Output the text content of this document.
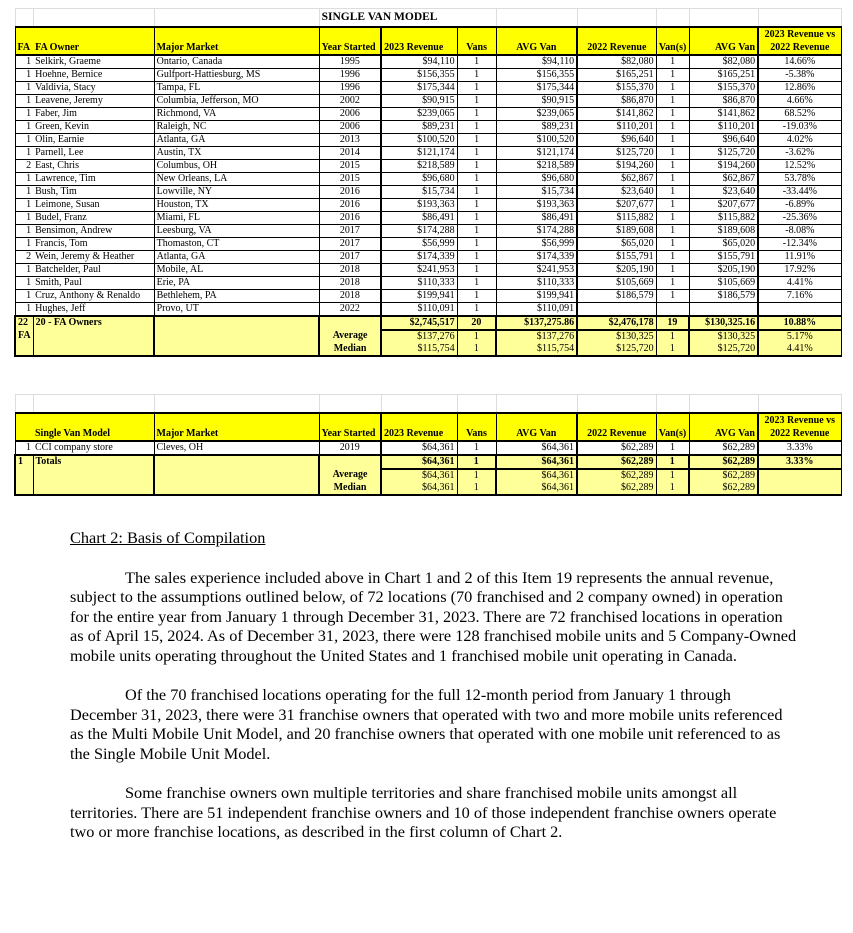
			SINGLE VAN MODEL							
FA	FA Owner	Major Market	Year Started	2023 Revenue	Vans	AVG Van	2022 Revenue	Van(s)	AVG Van	2023 Revenue vs 2022 Revenue
1	Selkirk, Graeme	Ontario, Canada	1995	$94,110	1	$94,110	$82,080	1	$82,080	14.66%
1	Hoehne, Bernice	Gulfport-Hattiesburg, MS	1996	$156,355	1	$156,355	$165,251	1	$165,251	-5.38%
1	Valdivia, Stacy	Tampa, FL	1996	$175,344	1	$175,344	$155,370	1	$155,370	12.86%
1	Leavene, Jeremy	Columbia, Jefferson, MO	2002	$90,915	1	$90,915	$86,870	1	$86,870	4.66%
1	Faber, Jim	Richmond, VA	2006	$239,065	1	$239,065	$141,862	1	$141,862	68.52%
1	Green, Kevin	Raleigh, NC	2006	$89,231	1	$89,231	$110,201	1	$110,201	-19.03%
1	Olin, Earnie	Atlanta, GA	2013	$100,520	1	$100,520	$96,640	1	$96,640	4.02%
1	Parnell, Lee	Austin, TX	2014	$121,174	1	$121,174	$125,720	1	$125,720	-3.62%
2	East, Chris	Columbus, OH	2015	$218,589	1	$218,589	$194,260	1	$194,260	12.52%
1	Lawrence, Tim	New Orleans, LA	2015	$96,680	1	$96,680	$62,867	1	$62,867	53.78%
1	Bush, Tim	Lowville, NY	2016	$15,734	1	$15,734	$23,640	1	$23,640	-33.44%
1	Leimone, Susan	Houston, TX	2016	$193,363	1	$193,363	$207,677	1	$207,677	-6.89%
1	Budel, Franz	Miami, FL	2016	$86,491	1	$86,491	$115,882	1	$115,882	-25.36%
1	Bensimon, Andrew	Leesburg, VA	2017	$174,288	1	$174,288	$189,608	1	$189,608	-8.08%
1	Francis, Tom	Thomaston, CT	2017	$56,999	1	$56,999	$65,020	1	$65,020	-12.34%
2	Wein, Jeremy & Heather	Atlanta, GA	2017	$174,339	1	$174,339	$155,791	1	$155,791	11.91%
1	Batchelder, Paul	Mobile, AL	2018	$241,953	1	$241,953	$205,190	1	$205,190	17.92%
1	Smith, Paul	Erie, PA	2018	$110,333	1	$110,333	$105,669	1	$105,669	4.41%
1	Cruz, Anthony & Renaldo	Bethlehem, PA	2018	$199,941	1	$199,941	$186,579	1	$186,579	7.16%
1	Hughes, Jeff	Provo, UT	2022	$110,091	1	$110,091				
22	20 - FA Owners			$2,745,517	20	$137,275.86	$2,476,178	19	$130,325.16	10.88%
FA			Average	$137,276	1	$137,276	$130,325	1	$130,325	5.17%
			Median	$115,754	1	$115,754	$125,720	1	$125,720	4.41%

	Single Van Model	Major Market	Year Started	2023 Revenue	Vans	AVG Van	2022 Revenue	Van(s)	AVG Van	2023 Revenue vs 2022 Revenue
1	CCI company store	Cleves, OH	2019	$64,361	1	$64,361	$62,289	1	$62,289	3.33%
1	Totals			$64,361	1	$64,361	$62,289	1	$62,289	3.33%
			Average	$64,361	1	$64,361	$62,289	1	$62,289	
			Median	$64,361	1	$64,361	$62,289	1	$62,289	
Chart 2: Basis of Compilation

The sales experience included above in Chart 1 and 2 of this Item 19 represents the annual revenue, subject to the assumptions outlined below, of 72 locations (70 franchised and 2 company owned) in operation for the entire year from January 1 through December 31, 2023. There are 72 franchised locations in operation as of April 15, 2024. As of December 31, 2023, there were 128 franchised mobile units and 5 Company-Owned mobile units operating throughout the United States and 1 franchised mobile unit operating in Canada.

Of the 70 franchised locations operating for the full 12-month period from January 1 through December 31, 2023, there were 31 franchise owners that operated with two and more mobile units referenced as the Multi Mobile Unit Model, and 20 franchise owners that operated with one mobile unit referenced to as the Single Mobile Unit Model.

Some franchise owners own multiple territories and share franchised mobile units amongst all territories. There are 51 independent franchise owners and 10 of those independent franchise owners operate two or more franchise locations, as described in the first column of Chart 2.
